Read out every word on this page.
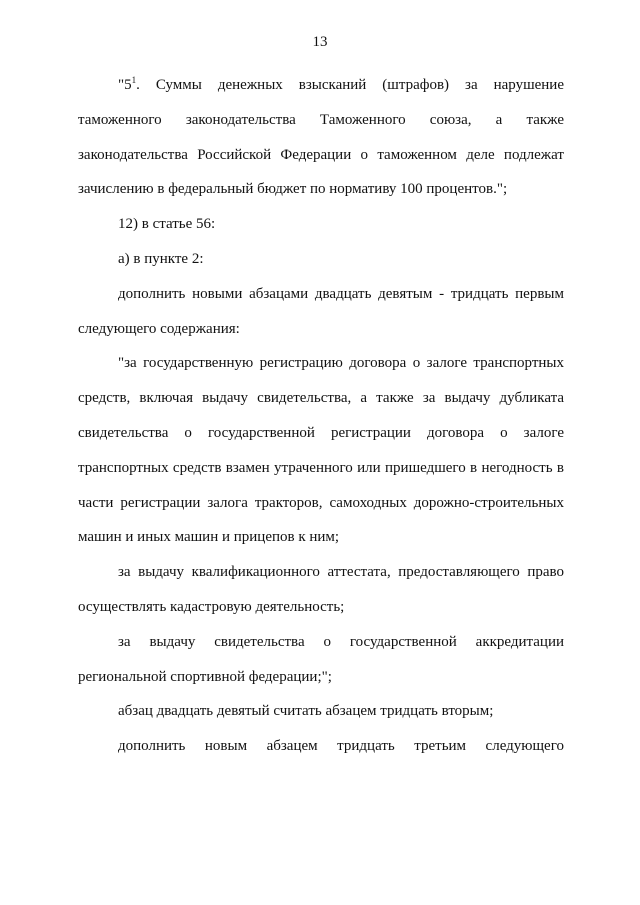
13

"$5^1$. Суммы денежных взысканий (штрафов) за нарушение таможенного законодательства Таможенного союза, а также законодательства Российской Федерации о таможенном деле подлежат зачислению в федеральный бюджет по нормативу 100 процентов.";

12) в статье 56:

а) в пункте 2:

дополнить новыми абзацами двадцать девятым - тридцать первым следующего содержания:

"за государственную регистрацию договора о залоге транспортных средств, включая выдачу свидетельства, а также за выдачу дубликата свидетельства о государственной регистрации договора о залоге транспортных средств взамен утраченного или пришедшего в негодность в части регистрации залога тракторов, самоходных дорожно-строительных машин и иных машин и прицепов к ним;

за выдачу квалификационного аттестата, предоставляющего право осуществлять кадастровую деятельность;

за выдачу свидетельства о государственной аккредитации региональной спортивной федерации;";

абзац двадцать девятый считать абзацем тридцать вторым;

дополнить новым абзацем тридцать третьим следующего
